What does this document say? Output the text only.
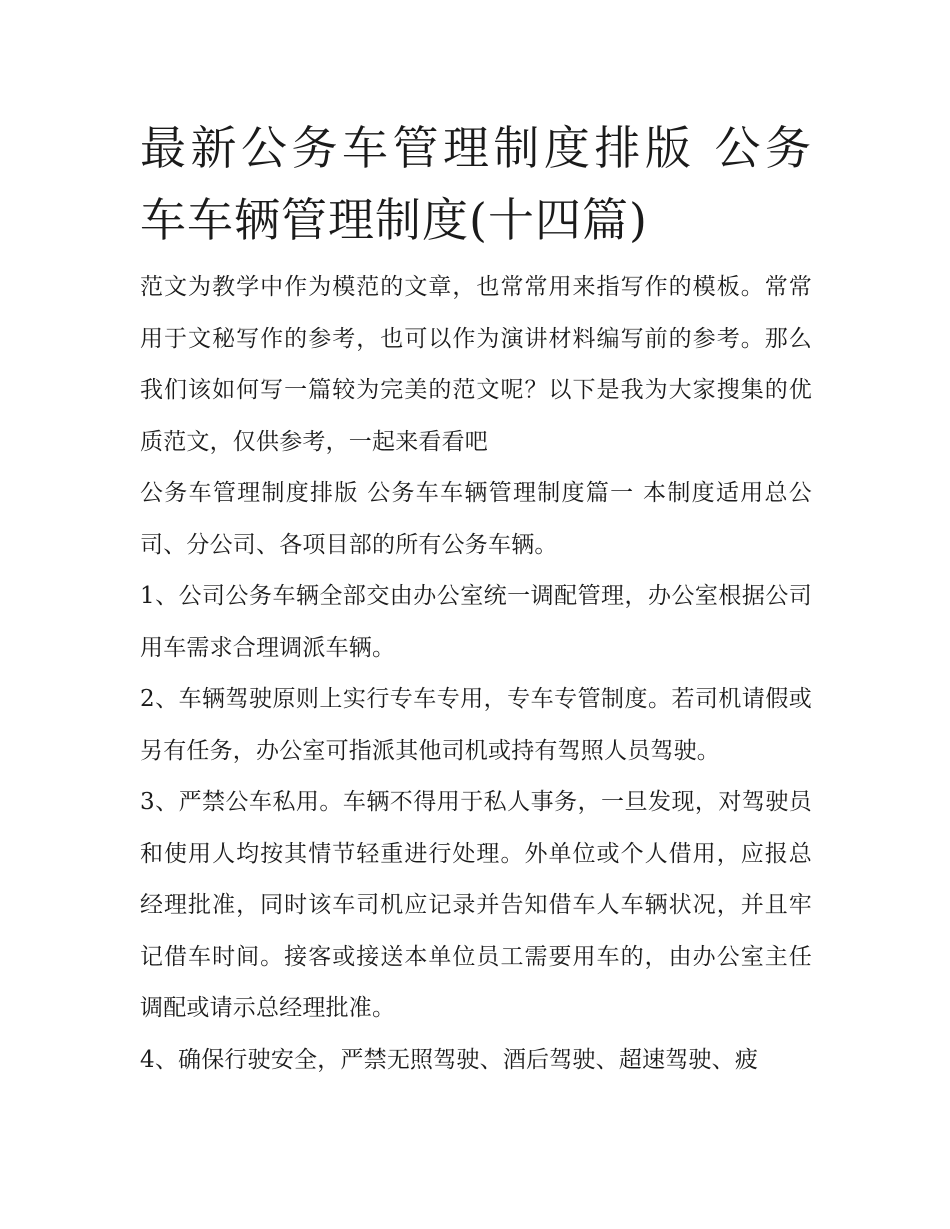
最新公务车管理制度排版 公务车车辆管理制度(十四篇)

范文为教学中作为模范的文章，也常常用来指写作的模板。常常用于文秘写作的参考，也可以作为演讲材料编写前的参考。那么我们该如何写一篇较为完美的范文呢？以下是我为大家搜集的优质范文，仅供参考，一起来看看吧

公务车管理制度排版 公务车车辆管理制度篇一 本制度适用总公司、分公司、各项目部的所有公务车辆。

1、公司公务车辆全部交由办公室统一调配管理，办公室根据公司用车需求合理调派车辆。

2、车辆驾驶原则上实行专车专用，专车专管制度。若司机请假或另有任务，办公室可指派其他司机或持有驾照人员驾驶。

3、严禁公车私用。车辆不得用于私人事务，一旦发现，对驾驶员和使用人均按其情节轻重进行处理。外单位或个人借用，应报总经理批准，同时该车司机应记录并告知借车人车辆状况，并且牢记借车时间。接客或接送本单位员工需要用车的，由办公室主任调配或请示总经理批准。

4、确保行驶安全，严禁无照驾驶、酒后驾驶、超速驾驶、疲
